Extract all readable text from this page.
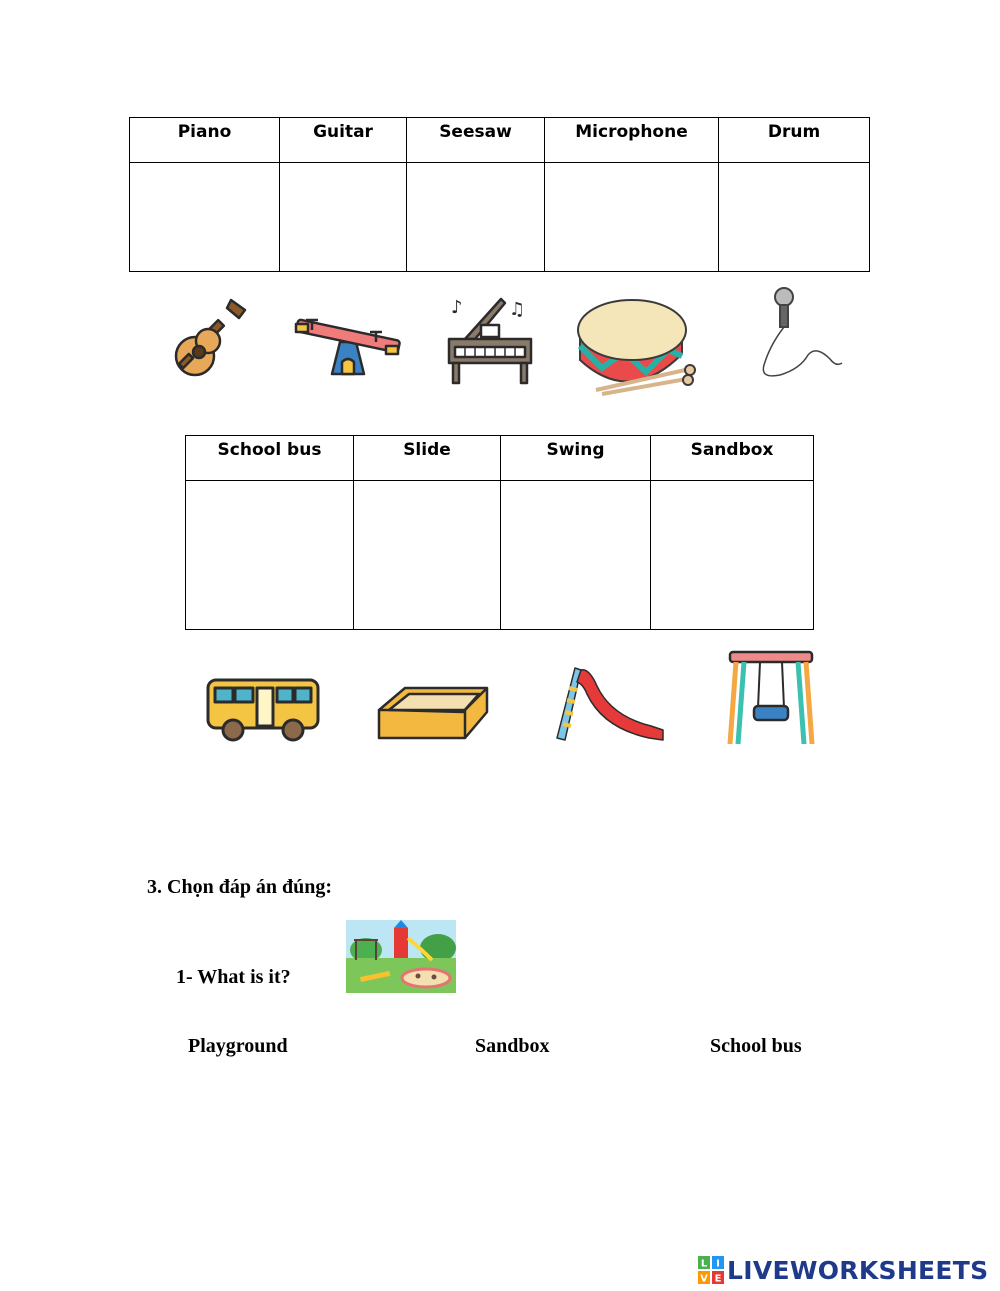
Piano	Guitar	Seesaw	Microphone	Drum

♪	♫
School bus	Slide	Swing	Sandbox

3. Chọn đáp án đúng:
1- What is it?
Playground	Sandbox	School bus
L I
V E LIVEWORKSHEETS
